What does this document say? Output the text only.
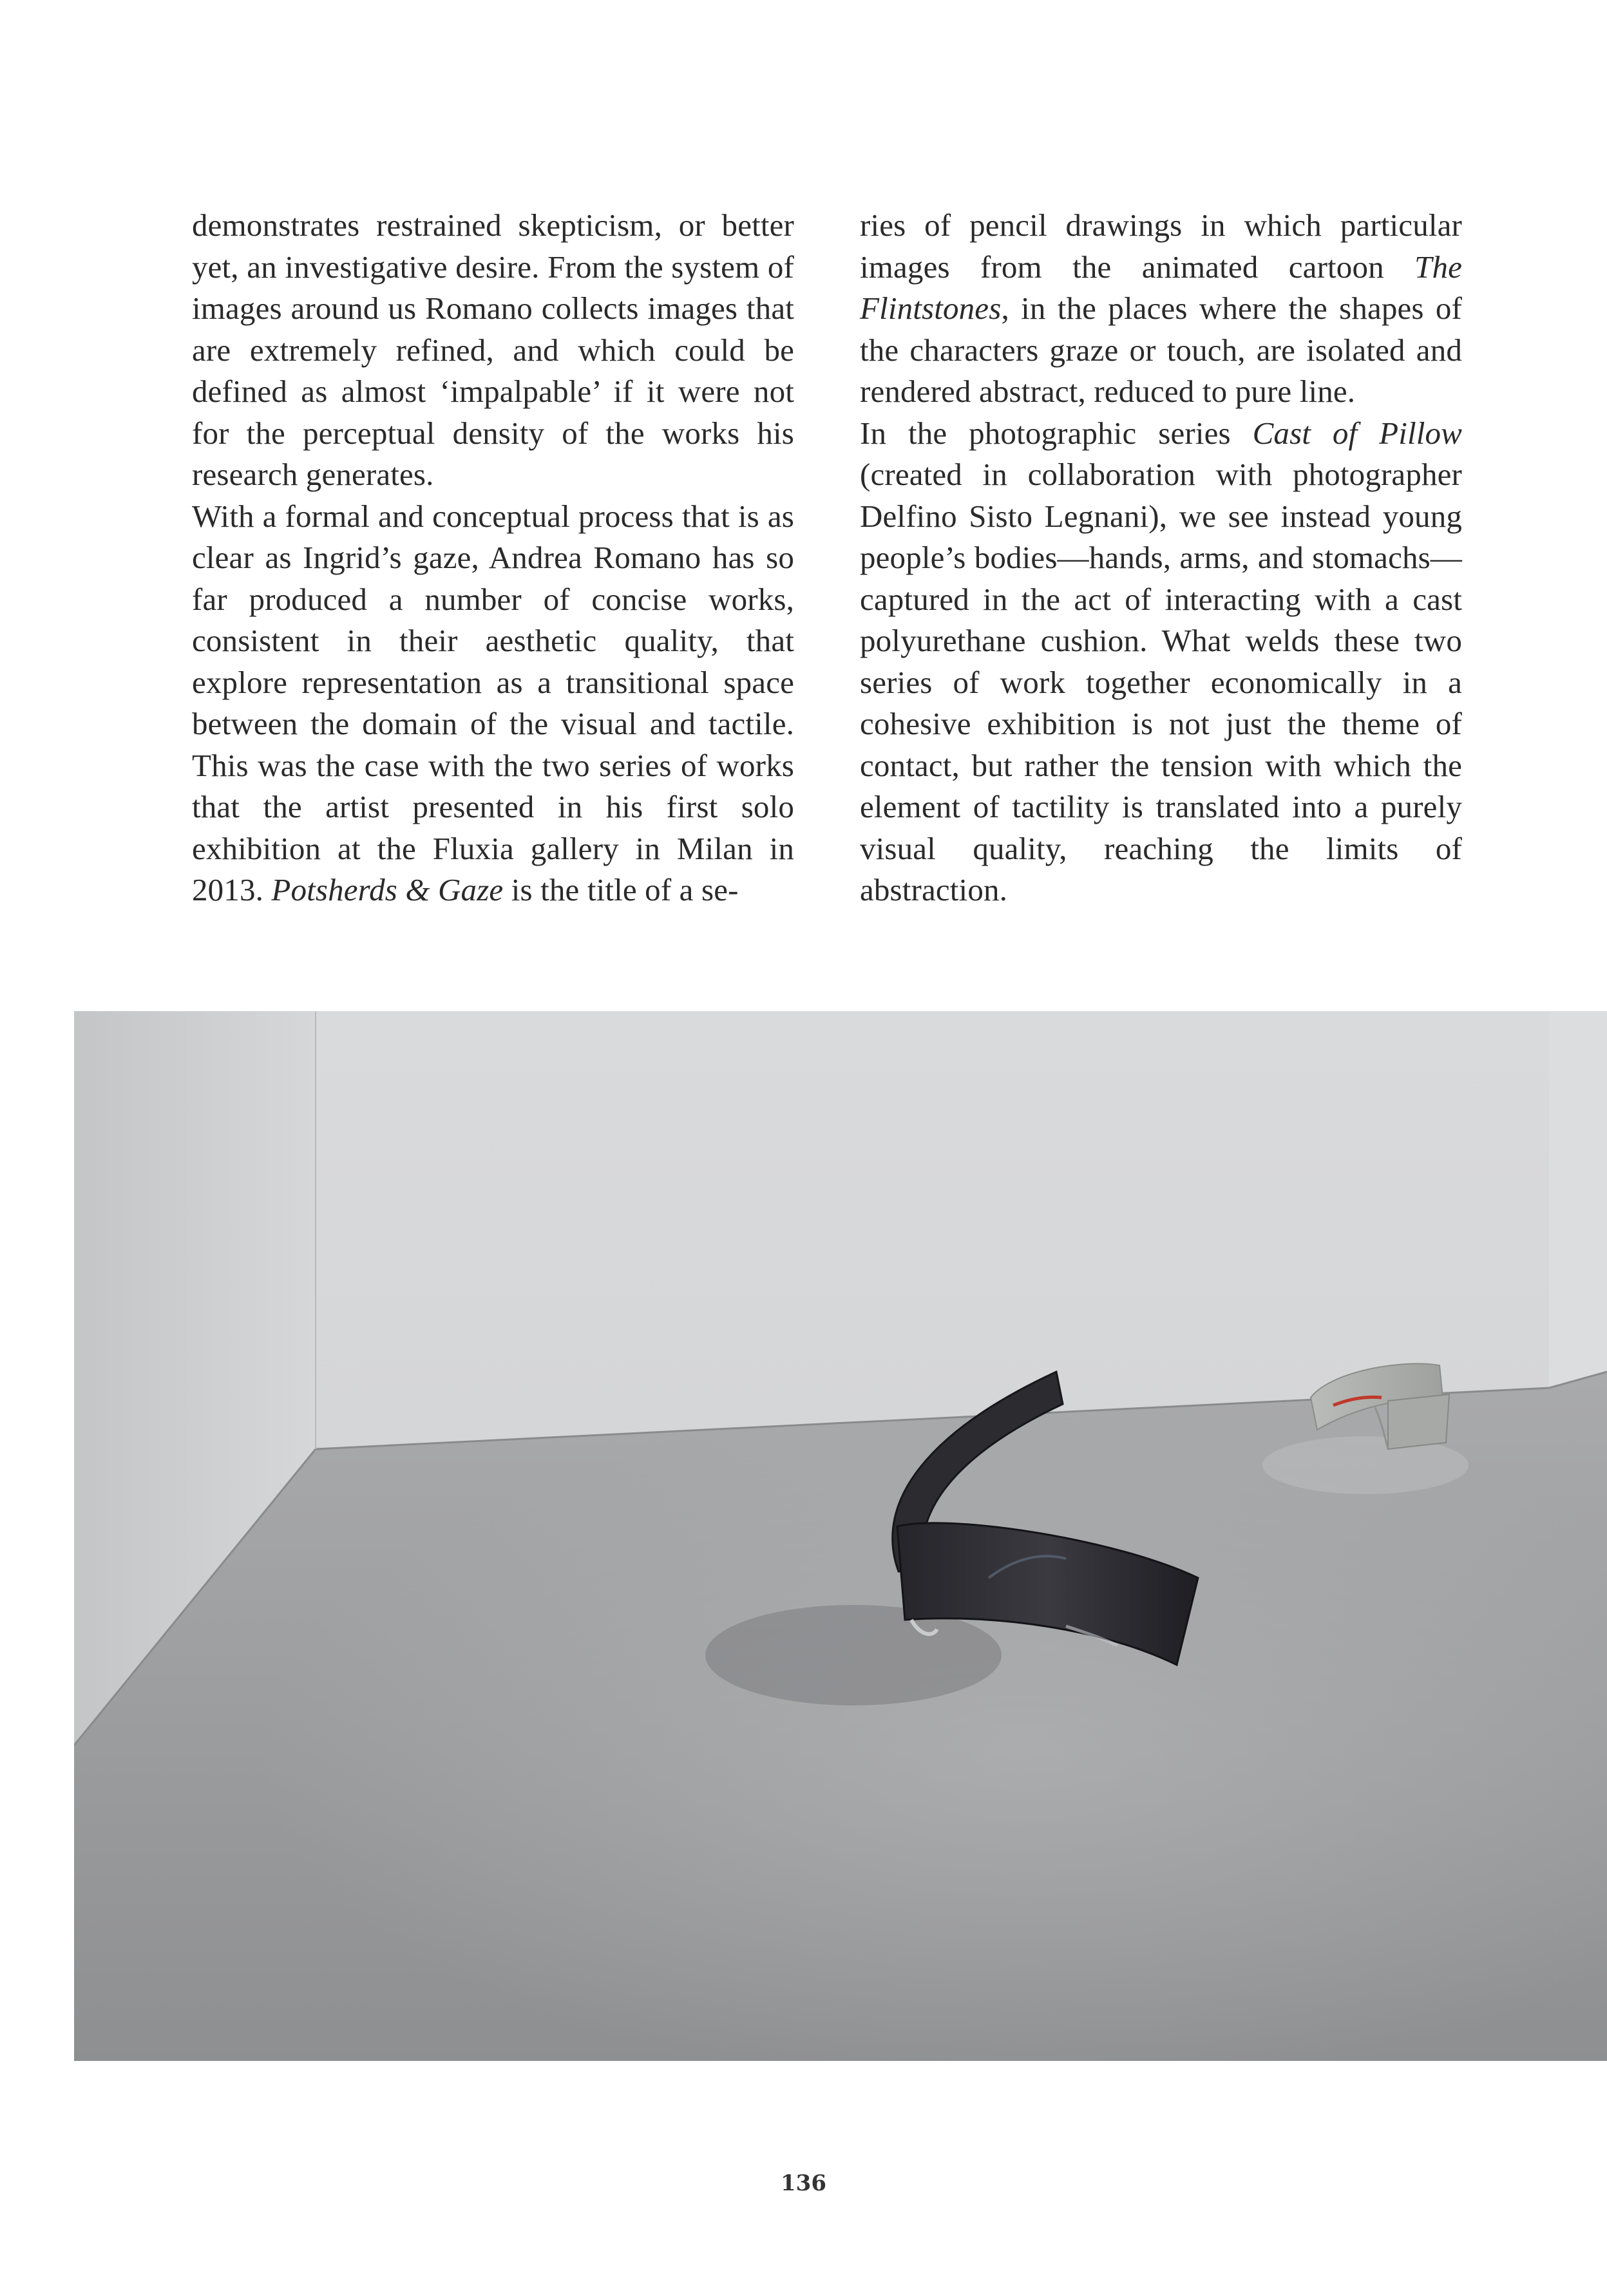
demonstrates restrained skepticism, or better yet, an investigative desire. From the system of images around us Romano collects images that are extremely refined, and which could be defined as almost ‘impalpable’ if it were not for the perceptual density of the works his research generates.

With a formal and conceptual process that is as clear as Ingrid’s gaze, Andrea Romano has so far produced a number of concise works, consistent in their aesthetic quality, that explore representation as a transitional space between the domain of the visual and tactile. This was the case with the two series of works that the artist presented in his first solo exhibition at the Fluxia gallery in Milan in 2013. Potsherds & Gaze is the title of a se-

ries of pencil drawings in which particular images from the animated cartoon The Flintstones, in the places where the shapes of the characters graze or touch, are isolated and rendered abstract, reduced to pure line.

In the photographic series Cast of Pillow (created in collaboration with photographer Delfino Sisto Legnani), we see instead young people’s bodies—hands, arms, and stomachs—captured in the act of interacting with a cast polyurethane cushion. What welds these two series of work together economically in a cohesive exhibition is not just the theme of contact, but rather the tension with which the element of tactility is translated into a purely visual quality, reaching the limits of abstraction.

136
